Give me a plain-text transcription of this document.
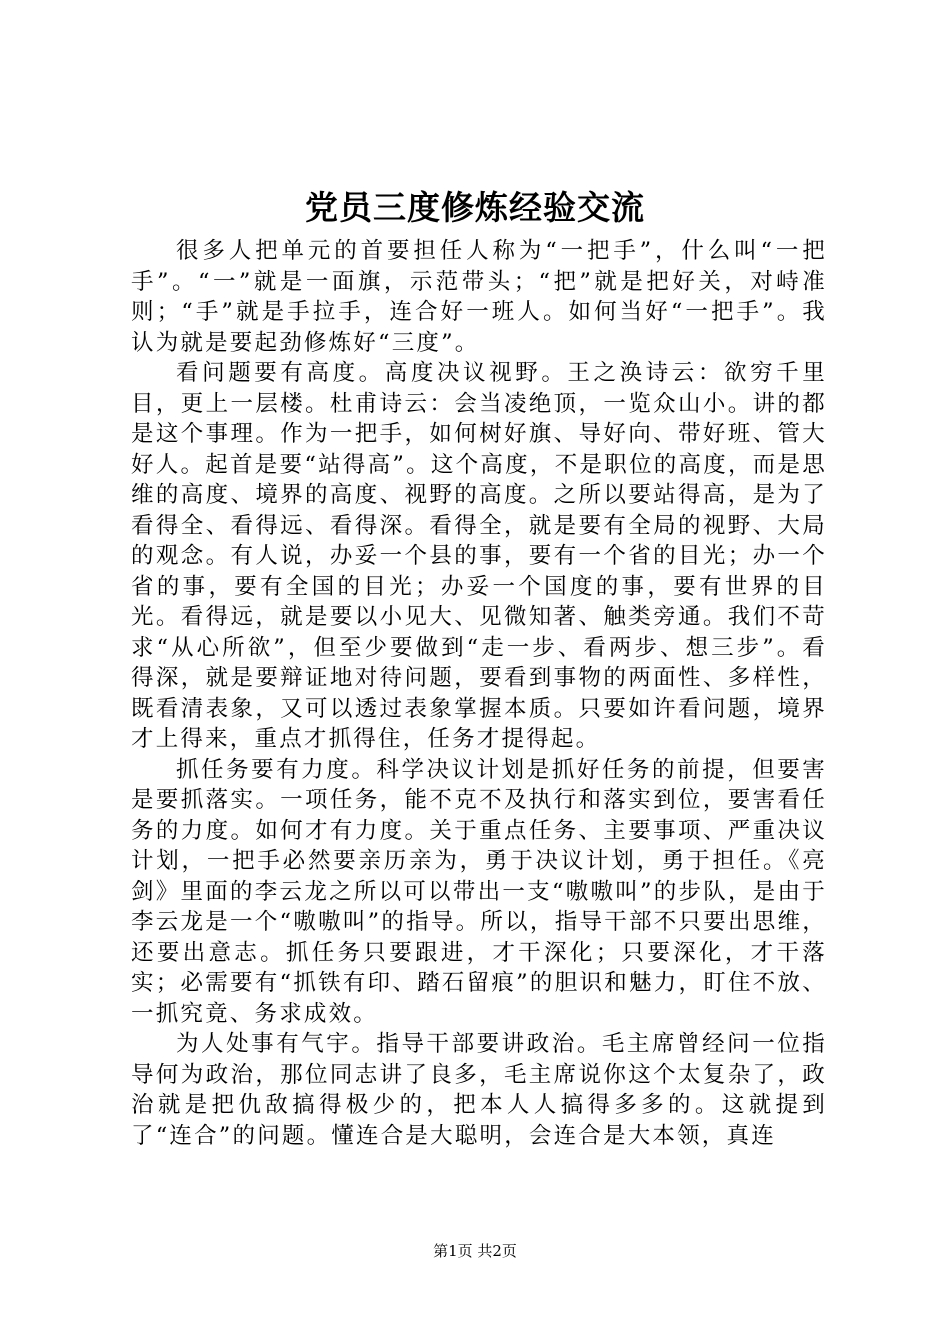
党员三度修炼经验交流

很多人把单元的首要担任人称为“一把手”，什么叫“一把手”。“一”就是一面旗，示范带头；“把”就是把好关，对峙准则；“手”就是手拉手，连合好一班人。如何当好“一把手”。我认为就是要起劲修炼好“三度”。

看问题要有高度。高度决议视野。王之涣诗云：欲穷千里目，更上一层楼。杜甫诗云：会当凌绝顶，一览众山小。讲的都是这个事理。作为一把手，如何树好旗、导好向、带好班、管大好人。起首是要“站得高”。这个高度，不是职位的高度，而是思维的高度、境界的高度、视野的高度。之所以要站得高，是为了看得全、看得远、看得深。看得全，就是要有全局的视野、大局的观念。有人说，办妥一个县的事，要有一个省的目光；办一个省的事，要有全国的目光；办妥一个国度的事，要有世界的目光。看得远，就是要以小见大、见微知著、触类旁通。我们不苛求“从心所欲”，但至少要做到“走一步、看两步、想三步”。看得深，就是要辩证地对待问题，要看到事物的两面性、多样性，既看清表象，又可以透过表象掌握本质。只要如许看问题，境界才上得来，重点才抓得住，任务才提得起。

抓任务要有力度。科学决议计划是抓好任务的前提，但要害是要抓落实。一项任务，能不克不及执行和落实到位，要害看任务的力度。如何才有力度。关于重点任务、主要事项、严重决议计划，一把手必然要亲历亲为，勇于决议计划，勇于担任。《亮剑》里面的李云龙之所以可以带出一支“嗷嗷叫”的步队，是由于李云龙是一个“嗷嗷叫”的指导。所以，指导干部不只要出思维，还要出意志。抓任务只要跟进，才干深化；只要深化，才干落实；必需要有“抓铁有印、踏石留痕”的胆识和魅力，盯住不放、一抓究竟、务求成效。

为人处事有气宇。指导干部要讲政治。毛主席曾经问一位指导何为政治，那位同志讲了良多，毛主席说你这个太复杂了，政治就是把仇敌搞得极少的，把本人人搞得多多的。这就提到了“连合”的问题。懂连合是大聪明，会连合是大本领，真连

第1页 共2页
